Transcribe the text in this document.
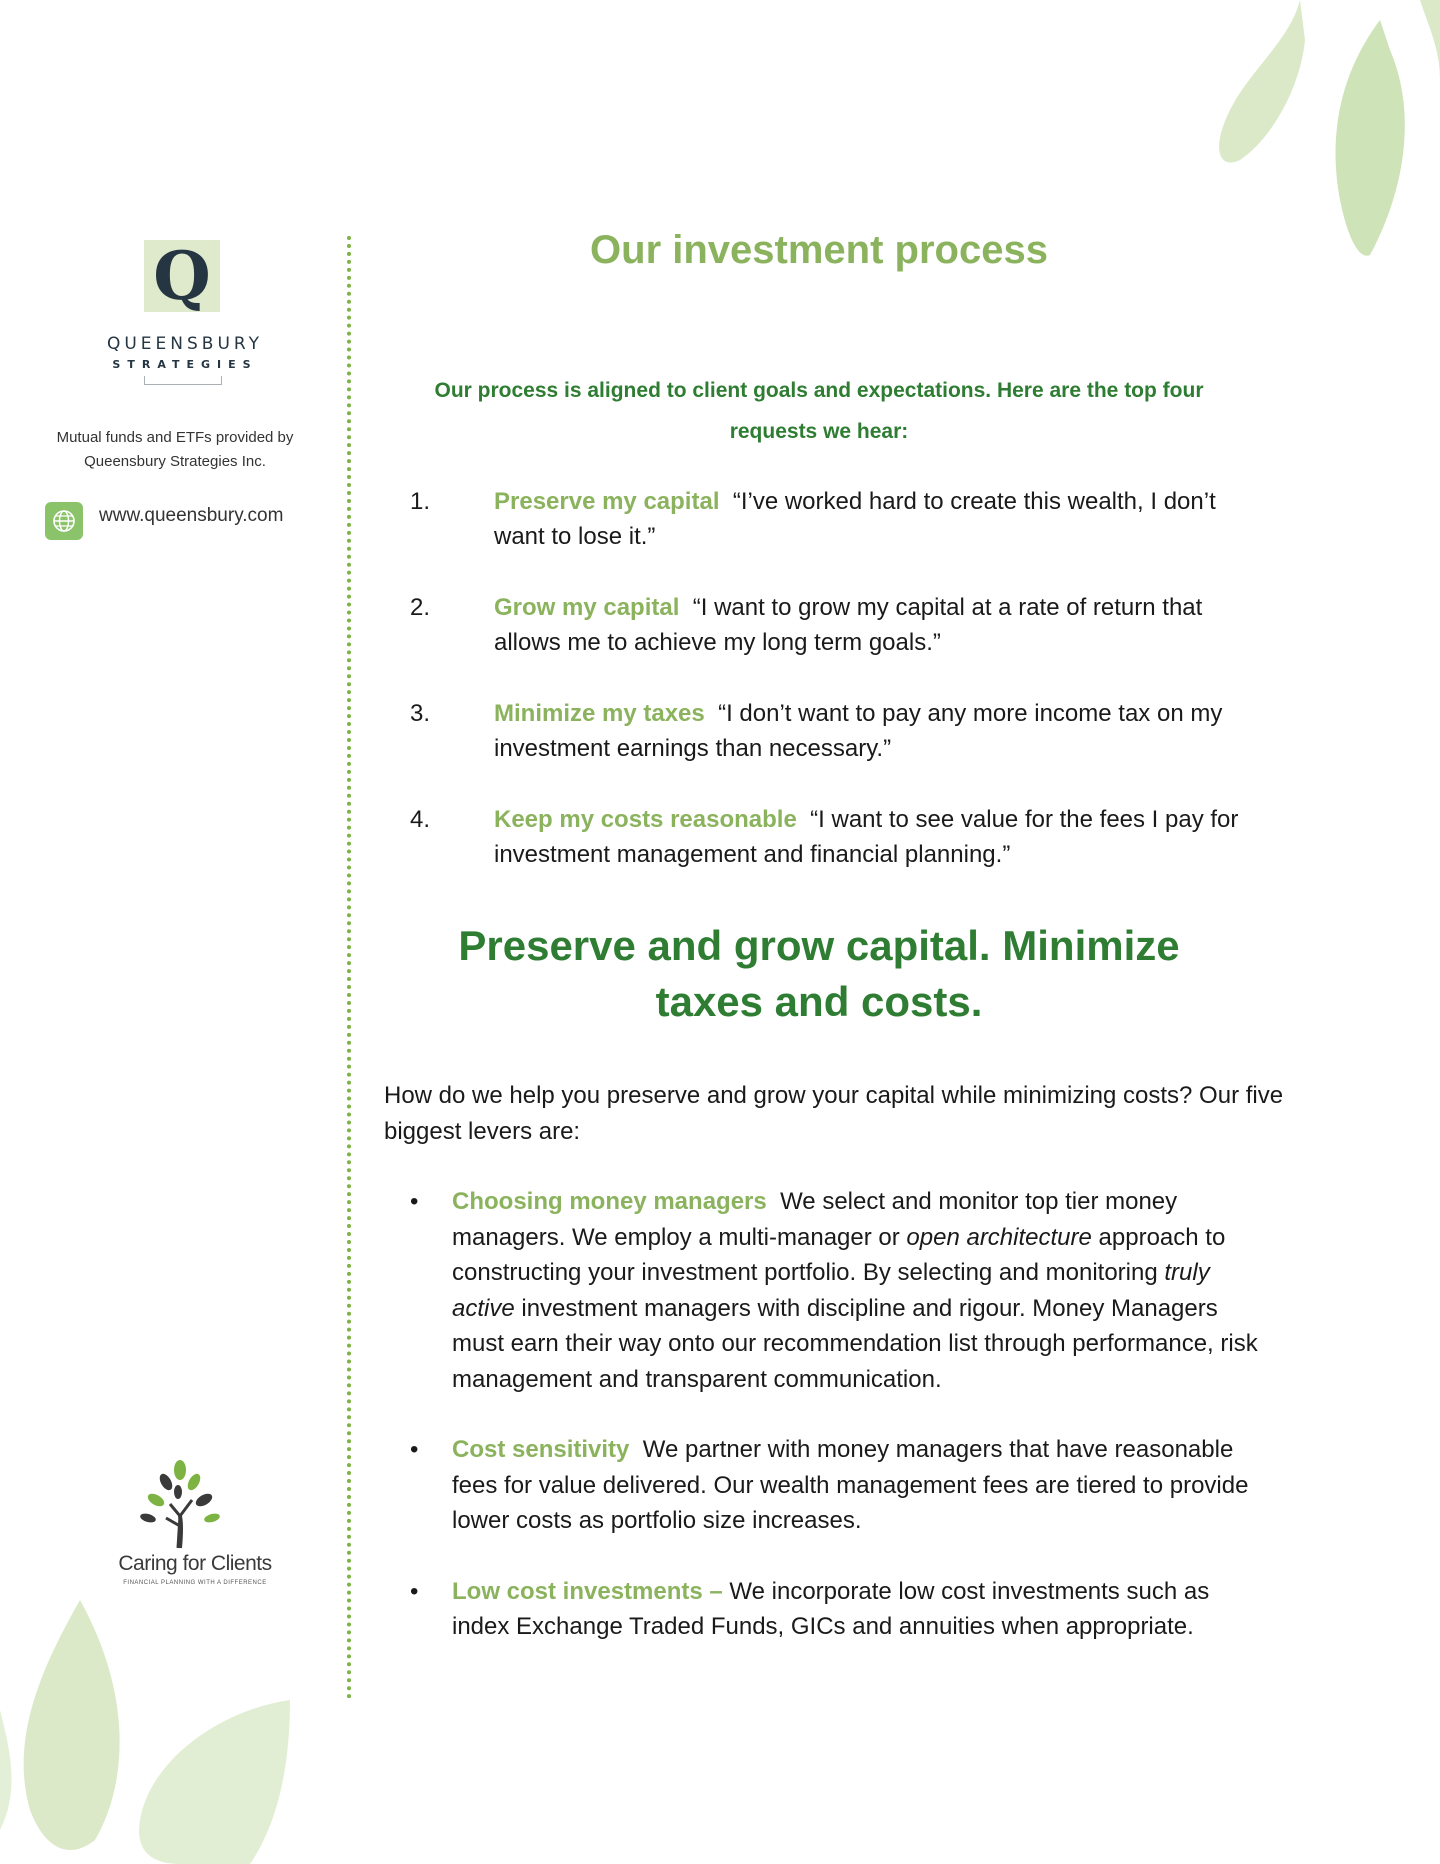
Q
QUEENSBURY
STRATEGIES
Mutual funds and ETFs provided by
Queensbury Strategies Inc.
www.queensbury.com
Caring for Clients
FINANCIAL PLANNING WITH A DIFFERENCE
Our investment process

Our process is aligned to client goals and expectations. Here are the top four requests we hear:

1.	Preserve my capital “I’ve worked hard to create this wealth, I don’t want to lose it.”
2.	Grow my capital “I want to grow my capital at a rate of return that allows me to achieve my long term goals.”
3.	Minimize my taxes “I don’t want to pay any more income tax on my investment earnings than necessary.”
4.	Keep my costs reasonable “I want to see value for the fees I pay for investment management and financial planning.”
Preserve and grow capital. Minimize taxes and costs.

How do we help you preserve and grow your capital while minimizing costs? Our five biggest levers are:

• Choosing money managers We select and monitor top tier money managers. We employ a multi-manager or open architecture approach to constructing your investment portfolio. By selecting and monitoring truly active investment managers with discipline and rigour. Money Managers must earn their way onto our recommendation list through performance, risk management and transparent communication.
• Cost sensitivity We partner with money managers that have reasonable fees for value delivered. Our wealth management fees are tiered to provide lower costs as portfolio size increases.
• Low cost investments – We incorporate low cost investments such as index Exchange Traded Funds, GICs and annuities when appropriate.
